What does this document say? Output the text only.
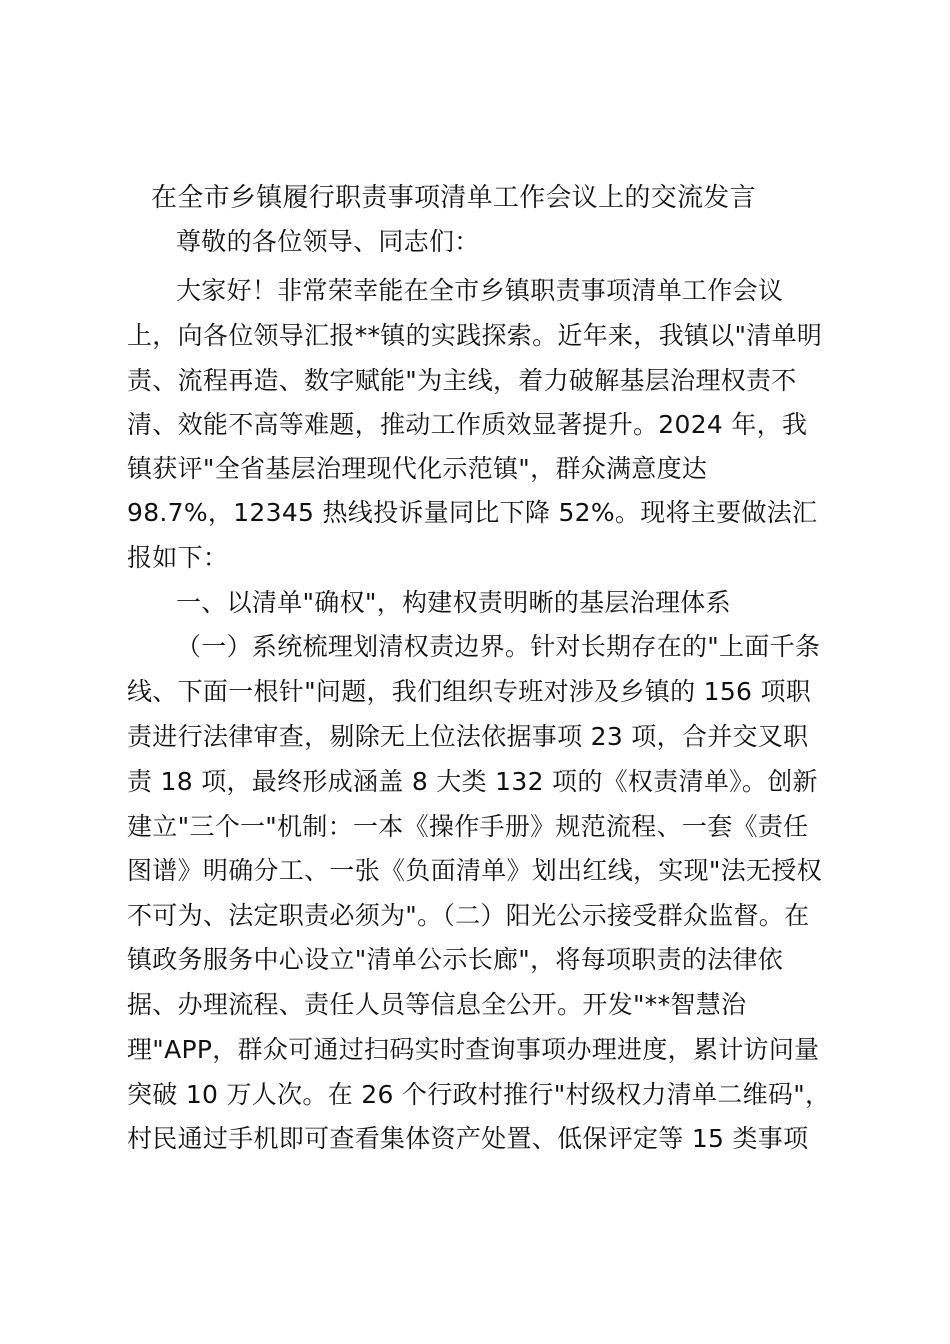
在全市乡镇履行职责事项清单工作会议上的交流发言
尊敬的各位领导、同志们：
大家好！非常荣幸能在全市乡镇职责事项清单工作会议
上，向各位领导汇报**镇的实践探索。近年来，我镇以"清单明
责、流程再造、数字赋能"为主线，着力破解基层治理权责不
清、效能不高等难题，推动工作质效显著提升。2024 年，我
镇获评"全省基层治理现代化示范镇"，群众满意度达
98.7%，12345 热线投诉量同比下降 52%。现将主要做法汇
报如下：
一、以清单"确权"，构建权责明晰的基层治理体系
（一）系统梳理划清权责边界。针对长期存在的"上面千条
线、下面一根针"问题，我们组织专班对涉及乡镇的 156 项职
责进行法律审查，剔除无上位法依据事项 23 项，合并交叉职
责 18 项，最终形成涵盖 8 大类 132 项的《权责清单》。创新
建立"三个一"机制：一本《操作手册》规范流程、一套《责任
图谱》明确分工、一张《负面清单》划出红线，实现"法无授权
不可为、法定职责必须为"。（二）阳光公示接受群众监督。在
镇政务服务中心设立"清单公示长廊"，将每项职责的法律依
据、办理流程、责任人员等信息全公开。开发"**智慧治
理"APP，群众可通过扫码实时查询事项办理进度，累计访问量
突破 10 万人次。在 26 个行政村推行"村级权力清单二维码"，
村民通过手机即可查看集体资产处置、低保评定等 15 类事项
